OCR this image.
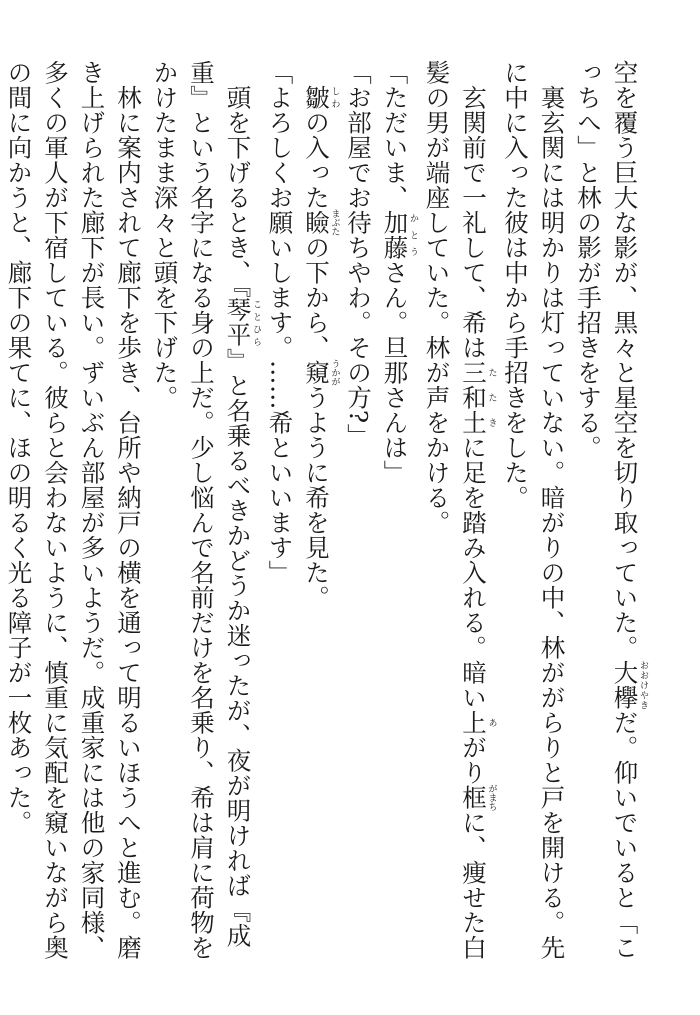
空を覆う巨大な影が、黒々と星空を切り取っていた。大欅おおけやきだ。仰いでいると「こっちへ」と林の影が手招きをする。
裏玄関には明かりは灯っていない。暗がりの中、林ががらりと戸を開ける。先に中に入った彼は中から手招きをした。
玄関前で一礼して、希は三和土たたきに足を踏み入れる。暗い上あがり框がまちに、痩せた白髪の男が端座していた。林が声をかける。
「ただいま、加藤かとうさん。旦那さんは」
「お部屋でお待ちやわ。その方?」
皺しわの入った瞼まぶたの下から、窺うかがうように希を見た。
「よろしくお願いします。……希といいます」
頭を下げるとき、『琴平ことひら』と名乗るべきかどうか迷ったが、夜が明ければ『成重』という名字になる身の上だ。少し悩んで名前だけを名乗り、希は肩に荷物をかけたまま深々と頭を下げた。
林に案内されて廊下を歩き、台所や納戸の横を通って明るいほうへと進む。磨き上げられた廊下が長い。ずいぶん部屋が多いようだ。成重家には他の家同様、多くの軍人が下宿している。彼らと会わないように、慎重に気配を窺いながら奥の間に向かうと、廊下の果てに、ほの明るく光る障子が一枚あった。
